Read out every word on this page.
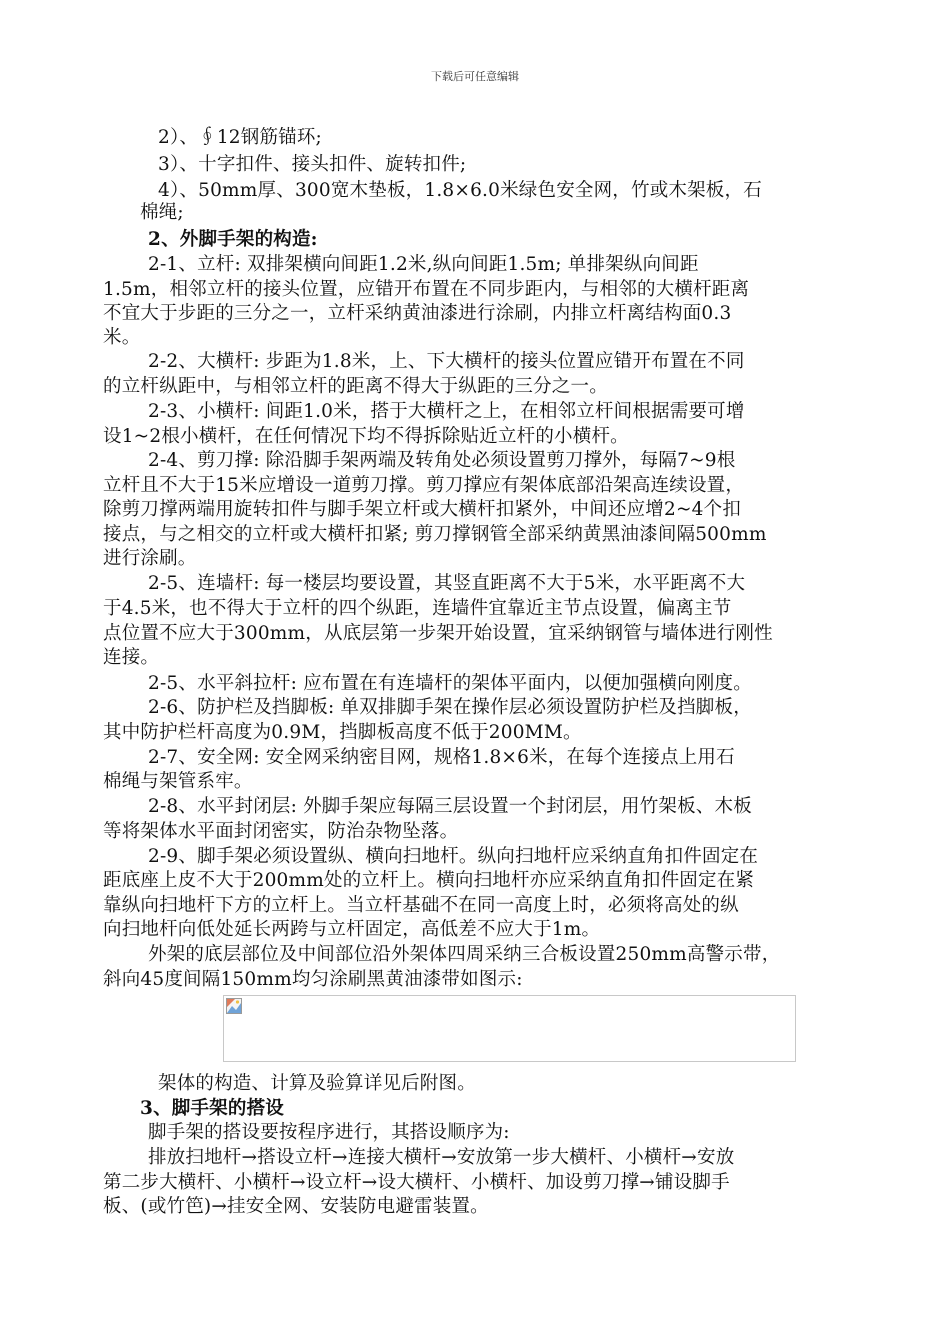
下载后可任意编辑
2）、∮12钢筋锚环;
3）、十字扣件、接头扣件、旋转扣件;
4）、50mm厚、300宽木垫板，1.8×6.0米绿色安全网，竹或木架板，石
棉绳;
2、外脚手架的构造:
2-1、立杆: 双排架横向间距1.2米,纵向间距1.5m; 单排架纵向间距
1.5m，相邻立杆的接头位置，应错开布置在不同步距内，与相邻的大横杆距离
不宜大于步距的三分之一，立杆采纳黄油漆进行涂刷，内排立杆离结构面0.3
米。
2-2、大横杆: 步距为1.8米，上、下大横杆的接头位置应错开布置在不同
的立杆纵距中，与相邻立杆的距离不得大于纵距的三分之一。
2-3、小横杆: 间距1.0米，搭于大横杆之上，在相邻立杆间根据需要可增
设1~2根小横杆，在任何情况下均不得拆除贴近立杆的小横杆。
2-4、剪刀撑: 除沿脚手架两端及转角处必须设置剪刀撑外，每隔7~9根
立杆且不大于15米应增设一道剪刀撑。剪刀撑应有架体底部沿架高连续设置，
除剪刀撑两端用旋转扣件与脚手架立杆或大横杆扣紧外，中间还应增2~4个扣
接点，与之相交的立杆或大横杆扣紧; 剪刀撑钢管全部采纳黄黑油漆间隔500mm
进行涂刷。
2-5、连墙杆: 每一楼层均要设置，其竖直距离不大于5米，水平距离不大
于4.5米，也不得大于立杆的四个纵距，连墙件宜靠近主节点设置，偏离主节
点位置不应大于300mm，从底层第一步架开始设置，宜采纳钢管与墙体进行刚性
连接。
2-5、水平斜拉杆: 应布置在有连墙杆的架体平面内，以便加强横向刚度。
2-6、防护栏及挡脚板: 单双排脚手架在操作层必须设置防护栏及挡脚板，
其中防护栏杆高度为0.9M，挡脚板高度不低于200MM。
2-7、安全网: 安全网采纳密目网，规格1.8×6米，在每个连接点上用石
棉绳与架管系牢。
2-8、水平封闭层: 外脚手架应每隔三层设置一个封闭层，用竹架板、木板
等将架体水平面封闭密实，防治杂物坠落。
2-9、脚手架必须设置纵、横向扫地杆。纵向扫地杆应采纳直角扣件固定在
距底座上皮不大于200mm处的立杆上。横向扫地杆亦应采纳直角扣件固定在紧
靠纵向扫地杆下方的立杆上。当立杆基础不在同一高度上时，必须将高处的纵
向扫地杆向低处延长两跨与立杆固定，高低差不应大于1m。
外架的底层部位及中间部位沿外架体四周采纳三合板设置250mm高警示带，
斜向45度间隔150mm均匀涂刷黑黄油漆带如图示:
架体的构造、计算及验算详见后附图。
3、脚手架的搭设
脚手架的搭设要按程序进行，其搭设顺序为:
排放扫地杆→搭设立杆→连接大横杆→安放第一步大横杆、小横杆→安放
第二步大横杆、小横杆→设立杆→设大横杆、小横杆、加设剪刀撑→铺设脚手
板、(或竹笆)→挂安全网、安装防电避雷装置。
